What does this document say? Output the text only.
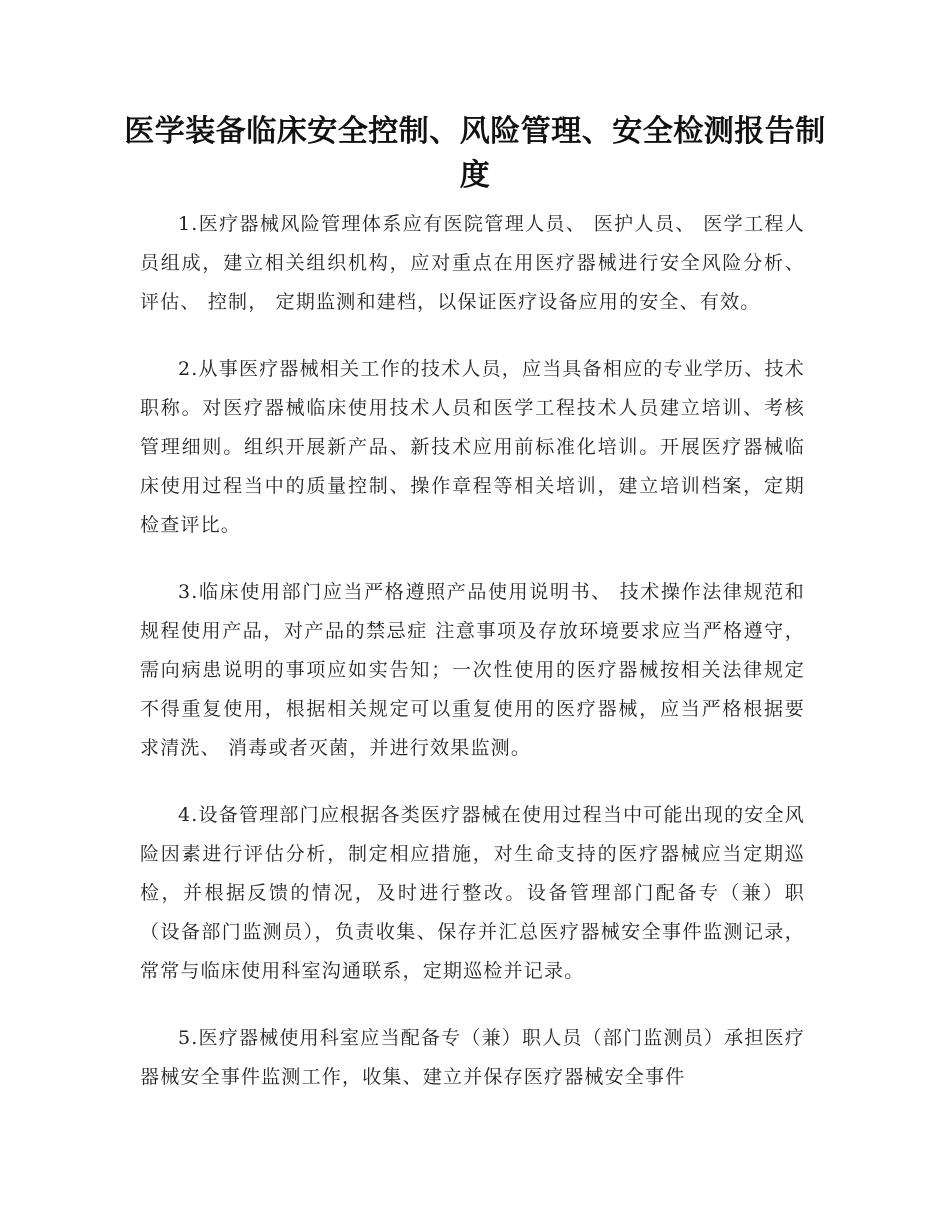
医学装备临床安全控制、风险管理、安全检测报告制度

1.医疗器械风险管理体系应有医院管理人员、 医护人员、 医学工程人员组成，建立相关组织机构，应对重点在用医疗器械进行安全风险分析、 评估、 控制， 定期监测和建档，以保证医疗设备应用的安全、有效。

2.从事医疗器械相关工作的技术人员，应当具备相应的专业学历、技术职称。对医疗器械临床使用技术人员和医学工程技术人员建立培训、考核管理细则。组织开展新产品、新技术应用前标准化培训。开展医疗器械临床使用过程当中的质量控制、操作章程等相关培训，建立培训档案，定期检查评比。

3.临床使用部门应当严格遵照产品使用说明书、 技术操作法律规范和规程使用产品，对产品的禁忌症 注意事项及存放环境要求应当严格遵守，需向病患说明的事项应如实告知；一次性使用的医疗器械按相关法律规定不得重复使用，根据相关规定可以重复使用的医疗器械，应当严格根据要求清洗、 消毒或者灭菌，并进行效果监测。

4.设备管理部门应根据各类医疗器械在使用过程当中可能出现的安全风险因素进行评估分析，制定相应措施，对生命支持的医疗器械应当定期巡检，并根据反馈的情况，及时进行整改。设备管理部门配备专（兼）职（设备部门监测员），负责收集、保存并汇总医疗器械安全事件监测记录，常常与临床使用科室沟通联系，定期巡检并记录。

5.医疗器械使用科室应当配备专（兼）职人员（部门监测员）承担医疗器械安全事件监测工作，收集、建立并保存医疗器械安全事件
